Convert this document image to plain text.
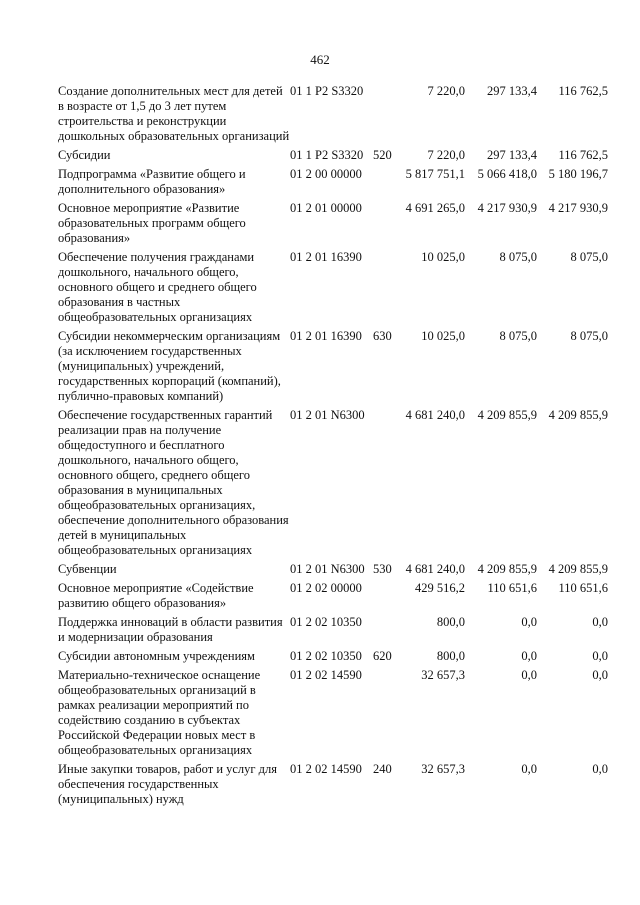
462
Создание дополнительных мест для детей в возрасте от 1,5 до 3 лет путем строительства и реконструкции дошкольных образовательных организаций	01 1 P2 S3320		7 220,0	297 133,4	116 762,5
Субсидии	01 1 P2 S3320	520	7 220,0	297 133,4	116 762,5
Подпрограмма «Развитие общего и дополнительного образования»	01 2 00 00000		5 817 751,1	5 066 418,0	5 180 196,7
Основное мероприятие «Развитие образовательных программ общего образования»	01 2 01 00000		4 691 265,0	4 217 930,9	4 217 930,9
Обеспечение получения гражданами дошкольного, начального общего, основного общего и среднего общего образования в частных общеобразовательных организациях	01 2 01 16390		10 025,0	8 075,0	8 075,0
Субсидии некоммерческим организациям (за исключением государственных (муниципальных) учреждений, государственных корпораций (компаний), публично-правовых компаний)	01 2 01 16390	630	10 025,0	8 075,0	8 075,0
Обеспечение государственных гарантий реализации прав на получение общедоступного и бесплатного дошкольного, начального общего, основного общего, среднего общего образования в муниципальных общеобразовательных организациях, обеспечение дополнительного образования детей в муниципальных общеобразовательных организациях	01 2 01 N6300		4 681 240,0	4 209 855,9	4 209 855,9
Субвенции	01 2 01 N6300	530	4 681 240,0	4 209 855,9	4 209 855,9
Основное мероприятие «Содействие развитию общего образования»	01 2 02 00000		429 516,2	110 651,6	110 651,6
Поддержка инноваций в области развития и модернизации образования	01 2 02 10350		800,0	0,0	0,0
Субсидии автономным учреждениям	01 2 02 10350	620	800,0	0,0	0,0
Материально-техническое оснащение общеобразовательных организаций в рамках реализации мероприятий по содействию созданию в субъектах Российской Федерации новых мест в общеобразовательных организациях	01 2 02 14590		32 657,3	0,0	0,0
Иные закупки товаров, работ и услуг для обеспечения государственных (муниципальных) нужд	01 2 02 14590	240	32 657,3	0,0	0,0
